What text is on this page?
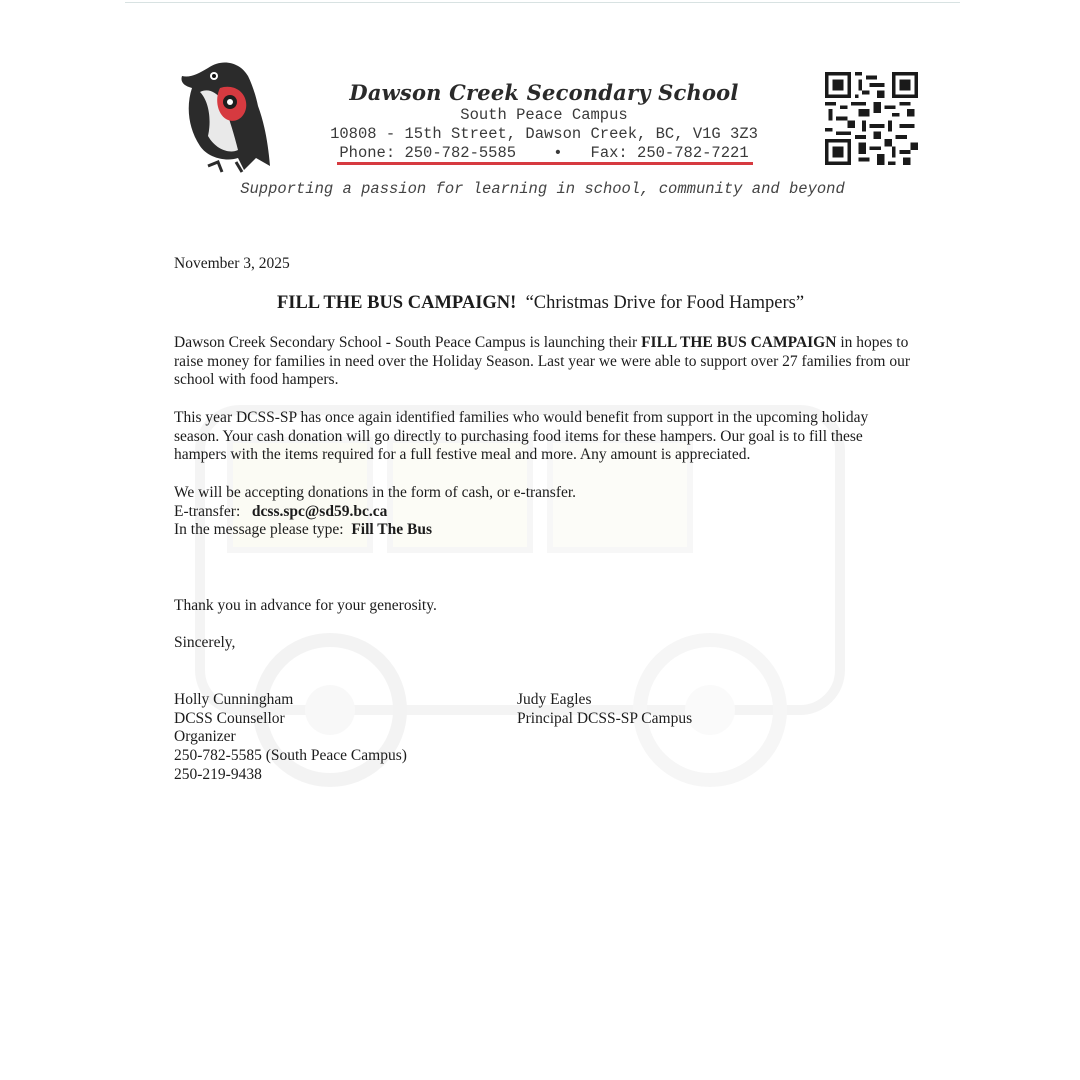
Dawson Creek Secondary School
South Peace Campus
10808 - 15th Street, Dawson Creek, BC, V1G 3Z3
Phone: 250-782-5585 • Fax: 250-782-7221
Supporting a passion for learning in school, community and beyond
November 3, 2025
FILL THE BUS CAMPAIGN! “Christmas Drive for Food Hampers”
Dawson Creek Secondary School - South Peace Campus is launching their FILL THE BUS CAMPAIGN in hopes to raise money for families in need over the Holiday Season. Last year we were able to support over 27 families from our school with food hampers.
This year DCSS-SP has once again identified families who would benefit from support in the upcoming holiday season. Your cash donation will go directly to purchasing food items for these hampers. Our goal is to fill these hampers with the items required for a full festive meal and more. Any amount is appreciated.
We will be accepting donations in the form of cash, or e-transfer.
E-transfer: dcss.spc@sd59.bc.ca
In the message please type: Fill The Bus
Thank you in advance for your generosity.
Sincerely,
Holly Cunningham
DCSS Counsellor
Organizer
250-782-5585 (South Peace Campus)
250-219-9438
Judy Eagles
Principal DCSS-SP Campus
